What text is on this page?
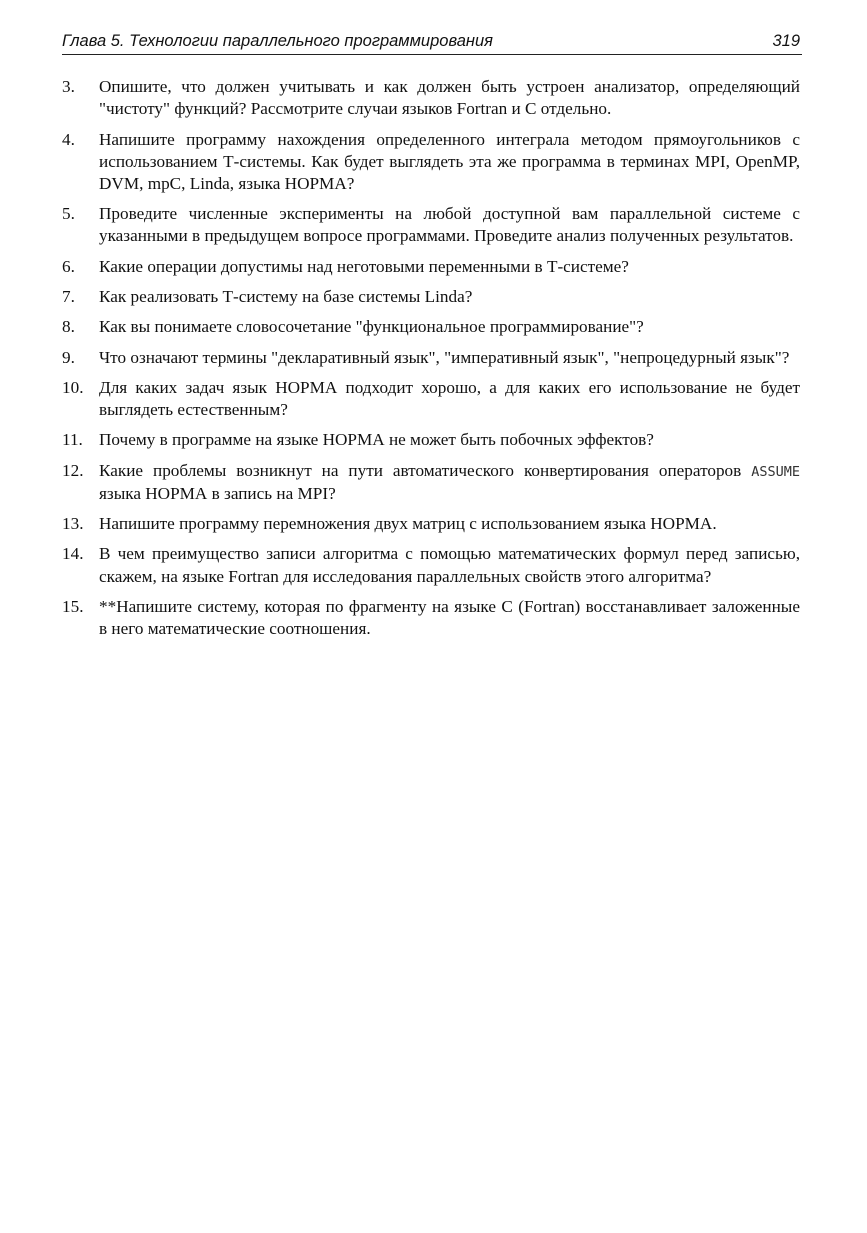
Глава 5. Технологии параллельного программирования	319
3.	Опишите, что должен учитывать и как должен быть устроен анализатор, определяющий "чистоту" функций? Рассмотрите случаи языков Fortran и С отдельно.
4.	Напишите программу нахождения определенного интеграла методом прямоугольников с использованием Т-системы. Как будет выглядеть эта же программа в терминах MPI, OpenMP, DVM, mpC, Linda, языка НОРМА?
5.	Проведите численные эксперименты на любой доступной вам параллельной системе с указанными в предыдущем вопросе программами. Проведите анализ полученных результатов.
6.	Какие операции допустимы над неготовыми переменными в Т-системе?
7.	Как реализовать Т-систему на базе системы Linda?
8.	Как вы понимаете словосочетание "функциональное программирование"?
9.	Что означают термины "декларативный язык", "императивный язык", "непроцедурный язык"?
10. Для каких задач язык НОРМА подходит хорошо, а для каких его использование не будет выглядеть естественным?
11. Почему в программе на языке НОРМА не может быть побочных эффектов?
12. Какие проблемы возникнут на пути автоматического конвертирования операторов ASSUME языка НОРМА в запись на MPI?
13. Напишите программу перемножения двух матриц с использованием языка НОРМА.
14. В чем преимущество записи алгоритма с помощью математических формул перед записью, скажем, на языке Fortran для исследования параллельных свойств этого алгоритма?
15. **Напишите систему, которая по фрагменту на языке С (Fortran) восстанавливает заложенные в него математические соотношения.
